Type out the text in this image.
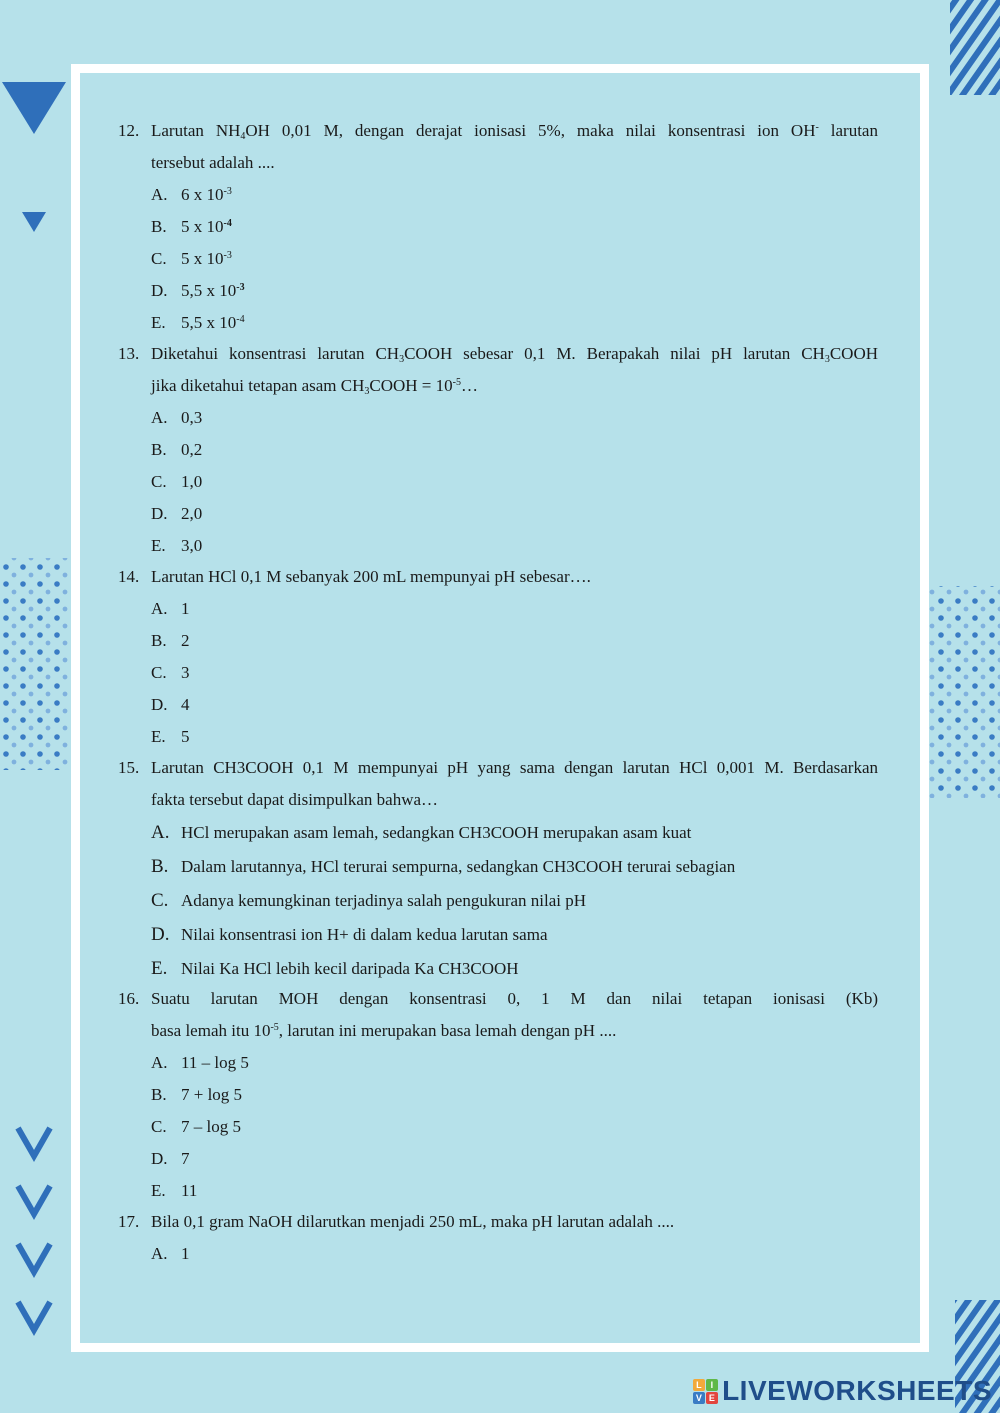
12. Larutan $NH_4OH$ 0,01 M, dengan derajat ionisasi 5%, maka nilai konsentrasi ion OH- larutan
tersebut adalah ....
A. 6 x $10^{-3}$
B. 5 x $10^{-4}$
C. 5 x $10^{-3}$
D. 5,5 x $10^{-3}$
E. 5,5 x $10^{-4}$
13. Diketahui konsentrasi larutan $CH_3COOH$ sebesar 0,1 M. Berapakah nilai pH larutan $CH_3COOH$
jika diketahui tetapan asam $CH_3COOH$ = $10^{-5}\dots$
A. 0,3
B. 0,2
C. 1,0
D. 2,0
E. 3,0
14. Larutan HCl 0,1 M sebanyak 200 mL mempunyai pH sebesar….
A. 1
B. 2
C. 3
D. 4
E. 5
15. Larutan CH3COOH 0,1 M mempunyai pH yang sama dengan larutan HCl 0,001 M. Berdasarkan
fakta tersebut dapat disimpulkan bahwa…
A. HCl merupakan asam lemah, sedangkan CH3COOH merupakan asam kuat
B. Dalam larutannya, HCl terurai sempurna, sedangkan CH3COOH terurai sebagian
C. Adanya kemungkinan terjadinya salah pengukuran nilai pH
D. Nilai konsentrasi ion H+ di dalam kedua larutan sama
E. Nilai Ka HCl lebih kecil daripada Ka CH3COOH
16. Suatu larutan MOH dengan konsentrasi 0, 1 M dan nilai tetapan ionisasi (Kb)
basa lemah itu $10^{-5}$, larutan ini merupakan basa lemah dengan pH ....
A. 11 – log 5
B. 7 + log 5
C. 7 – log 5
D. 7
E. 11
17. Bila 0,1 gram NaOH dilarutkan menjadi 250 mL, maka pH larutan adalah ....
A. 1
L I
V E LIVEWORKSHEETS
